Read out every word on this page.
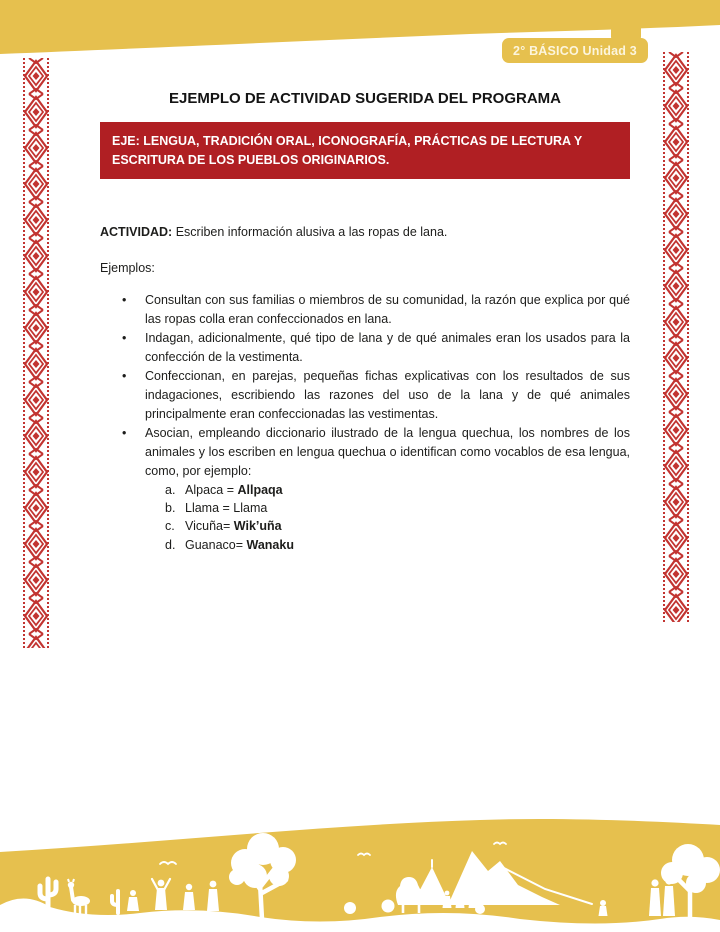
2° BÁSICO Unidad 3
EJEMPLO DE ACTIVIDAD SUGERIDA DEL PROGRAMA
EJE: LENGUA, TRADICIÓN ORAL, ICONOGRAFÍA, PRÁCTICAS DE LECTURA Y ESCRITURA DE LOS PUEBLOS ORIGINARIOS.

ACTIVIDAD: Escriben información alusiva a las ropas de lana.

Ejemplos:

•	Consultan con sus familias o miembros de su comunidad, la razón que explica por qué las ropas colla eran confeccionados en lana.
•	Indagan, adicionalmente, qué tipo de lana y de qué animales eran los usados para la confección de la vestimenta.
•	Confeccionan, en parejas, pequeñas fichas explicativas con los resultados de sus indagaciones, escribiendo las razones del uso de la lana y de qué animales principalmente eran confeccionadas las vestimentas.
•	Asocian, empleando diccionario ilustrado de la lengua quechua, los nombres de los animales y los escriben en lengua quechua o identifican como vocablos de esa lengua, como, por ejemplo:
a. Alpaca = Allpaqa
b. Llama = Llama
c. Vicuña= Wik’uña
d. Guanaco= Wanaku
